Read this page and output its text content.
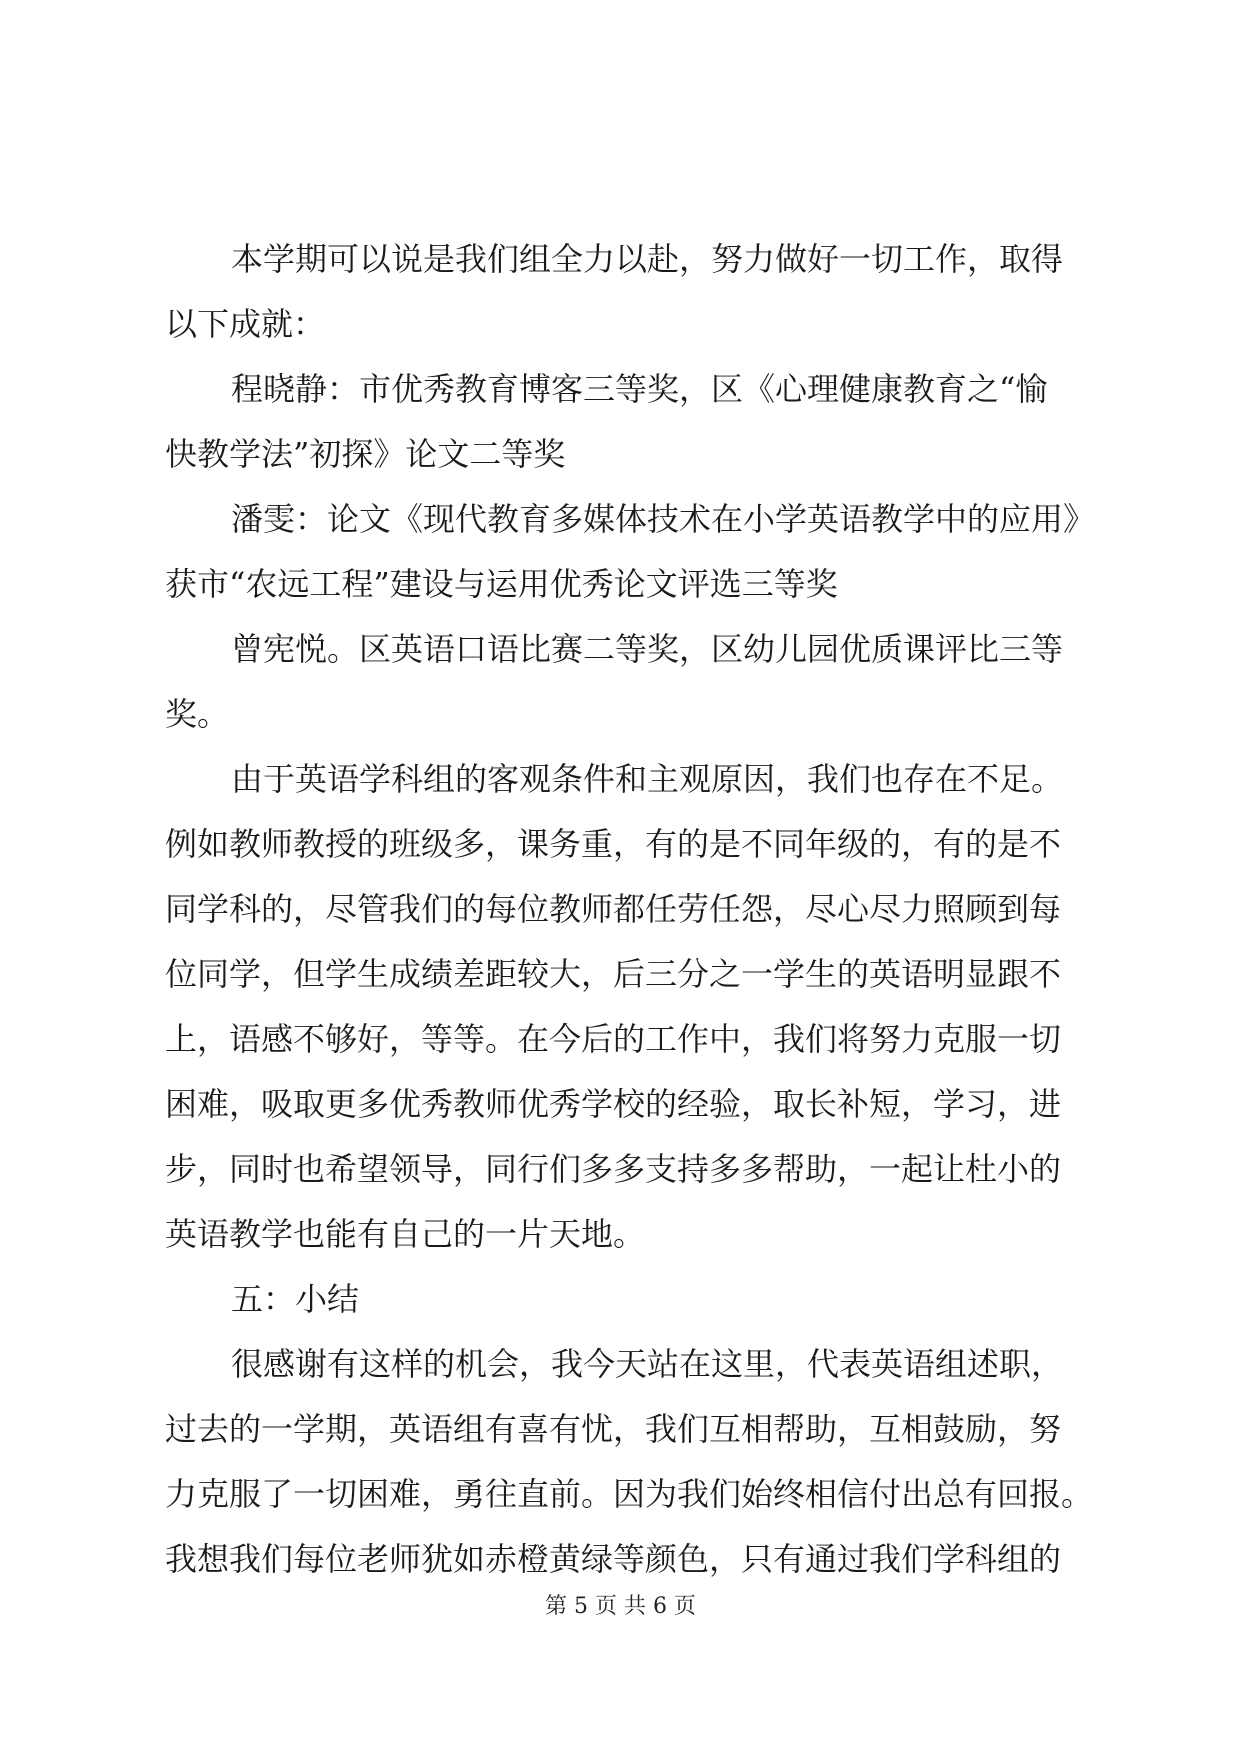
本学期可以说是我们组全力以赴，努力做好一切工作，取得
以下成就：
程晓静：市优秀教育博客三等奖，区《心理健康教育之“愉
快教学法”初探》论文二等奖
潘雯：论文《现代教育多媒体技术在小学英语教学中的应用》
获市“农远工程”建设与运用优秀论文评选三等奖
曾宪悦。区英语口语比赛二等奖，区幼儿园优质课评比三等
奖。
由于英语学科组的客观条件和主观原因，我们也存在不足。
例如教师教授的班级多，课务重，有的是不同年级的，有的是不
同学科的，尽管我们的每位教师都任劳任怨，尽心尽力照顾到每
位同学，但学生成绩差距较大，后三分之一学生的英语明显跟不
上，语感不够好，等等。在今后的工作中，我们将努力克服一切
困难，吸取更多优秀教师优秀学校的经验，取长补短，学习，进
步，同时也希望领导，同行们多多支持多多帮助，一起让杜小的
英语教学也能有自己的一片天地。
五：小结
很感谢有这样的机会，我今天站在这里，代表英语组述职，
过去的一学期，英语组有喜有忧，我们互相帮助，互相鼓励，努
力克服了一切困难，勇往直前。因为我们始终相信付出总有回报。
我想我们每位老师犹如赤橙黄绿等颜色，只有通过我们学科组的
第 5 页 共 6 页
